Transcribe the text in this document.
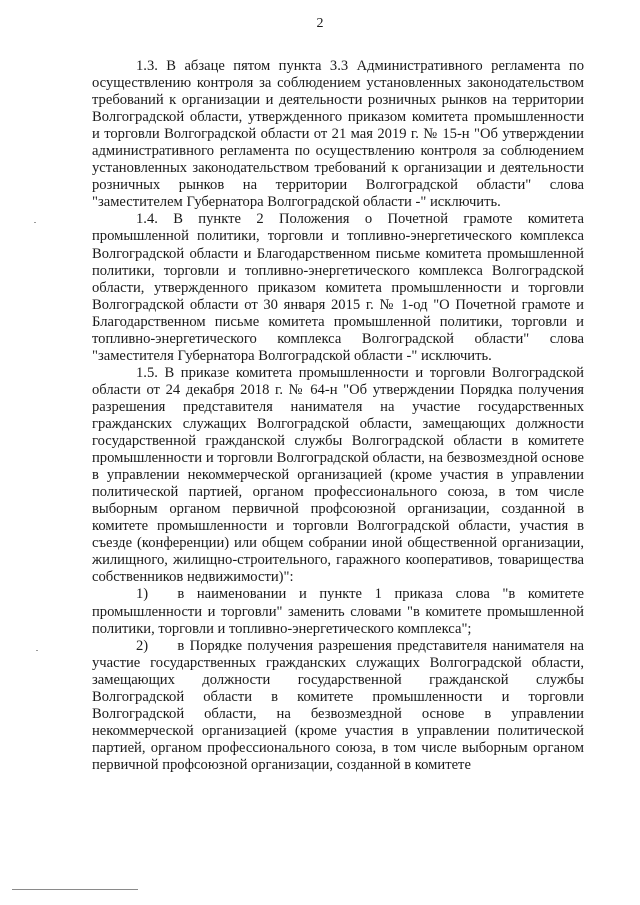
2

1.3. В абзаце пятом пункта 3.3 Административного регламента по осуществлению контроля за соблюдением установленных законодательством требований к организации и деятельности розничных рынков на территории Волгоградской области, утвержденного приказом комитета промышленности и торговли Волгоградской области от 21 мая 2019 г. № 15-н "Об утверждении административного регламента по осуществлению контроля за соблюдением установленных законодательством требований к организации и деятельности розничных рынков на территории Волгоградской области" слова "заместителем Губернатора Волгоградской области -" исключить.

1.4. В пункте 2 Положения о Почетной грамоте комитета промышленной политики, торговли и топливно-энергетического комплекса Волгоградской области и Благодарственном письме комитета промышленной политики, торговли и топливно-энергетического комплекса Волгоградской области, утвержденного приказом комитета промышленности и торговли Волгоградской области от 30 января 2015 г. № 1-од "О Почетной грамоте и Благодарственном письме комитета промышленной политики, торговли и топливно-энергетического комплекса Волгоградской области" слова "заместителя Губернатора Волгоградской области -" исключить.

1.5. В приказе комитета промышленности и торговли Волгоградской области от 24 декабря 2018 г. № 64-н "Об утверждении Порядка получения разрешения представителя нанимателя на участие государственных гражданских служащих Волгоградской области, замещающих должности государственной гражданской службы Волгоградской области в комитете промышленности и торговли Волгоградской области, на безвозмездной основе в управлении некоммерческой организацией (кроме участия в управлении политической партией, органом профессионального союза, в том числе выборным органом первичной профсоюзной организации, созданной в комитете промышленности и торговли Волгоградской области, участия в съезде (конференции) или общем собрании иной общественной организации, жилищного, жилищно-строительного, гаражного кооперативов, товарищества собственников недвижимости)":

1)  в наименовании и пункте 1 приказа слова "в комитете промышленности и торговли" заменить словами "в комитете промышленной политики, торговли и топливно-энергетического комплекса";

2)  в Порядке получения разрешения представителя нанимателя на участие государственных гражданских служащих Волгоградской области, замещающих должности государственной гражданской службы Волгоградской области в комитете промышленности и торговли Волгоградской области, на безвозмездной основе в управлении некоммерческой организацией (кроме участия в управлении политической партией, органом профессионального союза, в том числе выборным органом первичной профсоюзной организации, созданной в комитете
